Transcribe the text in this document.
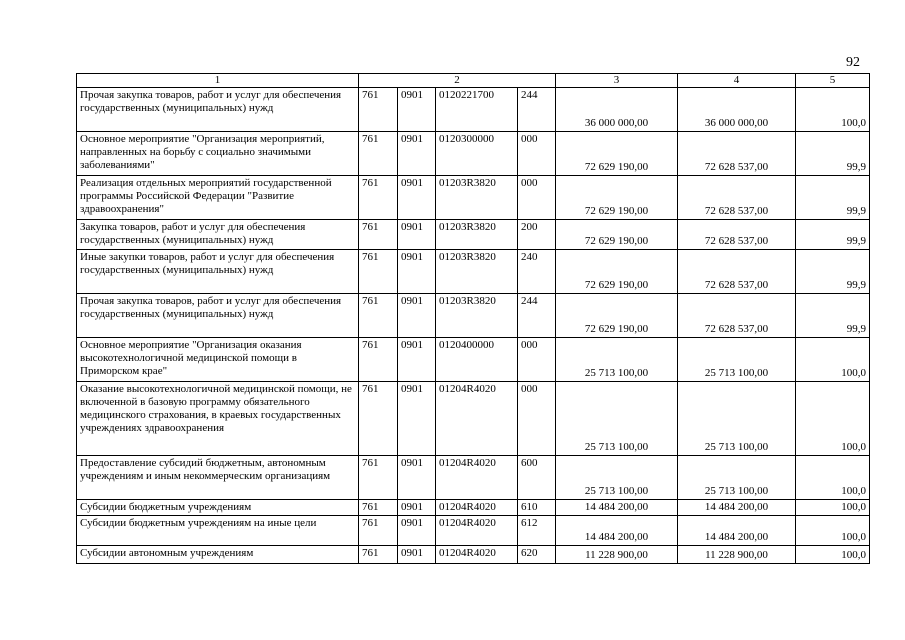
92
1	2				3	4	5
Прочая закупка товаров, работ и услуг для обеспечения государственных (муниципальных) нужд	761	0901	0120221700	244	36 000 000,00	36 000 000,00	100,0
Основное мероприятие "Организация мероприятий, направленных на борьбу с социально значимыми заболеваниями"	761	0901	0120300000	000	72 629 190,00	72 628 537,00	99,9
Реализация отдельных мероприятий государственной программы Российской Федерации "Развитие здравоохранения"	761	0901	01203R3820	000	72 629 190,00	72 628 537,00	99,9
Закупка товаров, работ и услуг для обеспечения государственных (муниципальных) нужд	761	0901	01203R3820	200	72 629 190,00	72 628 537,00	99,9
Иные закупки товаров, работ и услуг для обеспечения государственных (муниципальных) нужд	761	0901	01203R3820	240	72 629 190,00	72 628 537,00	99,9
Прочая закупка товаров, работ и услуг для обеспечения государственных (муниципальных) нужд	761	0901	01203R3820	244	72 629 190,00	72 628 537,00	99,9
Основное мероприятие "Организация оказания высокотехнологичной медицинской помощи в Приморском крае"	761	0901	0120400000	000	25 713 100,00	25 713 100,00	100,0
Оказание высокотехнологичной медицинской помощи, не включенной в базовую программу обязательного медицинского страхования, в краевых государственных учреждениях здравоохранения	761	0901	01204R4020	000	25 713 100,00	25 713 100,00	100,0
Предоставление субсидий бюджетным, автономным учреждениям и иным некоммерческим организациям	761	0901	01204R4020	600	25 713 100,00	25 713 100,00	100,0
Субсидии бюджетным учреждениям	761	0901	01204R4020	610	14 484 200,00	14 484 200,00	100,0
Субсидии бюджетным учреждениям на иные цели	761	0901	01204R4020	612	14 484 200,00	14 484 200,00	100,0
Субсидии автономным учреждениям	761	0901	01204R4020	620	11 228 900,00	11 228 900,00	100,0
